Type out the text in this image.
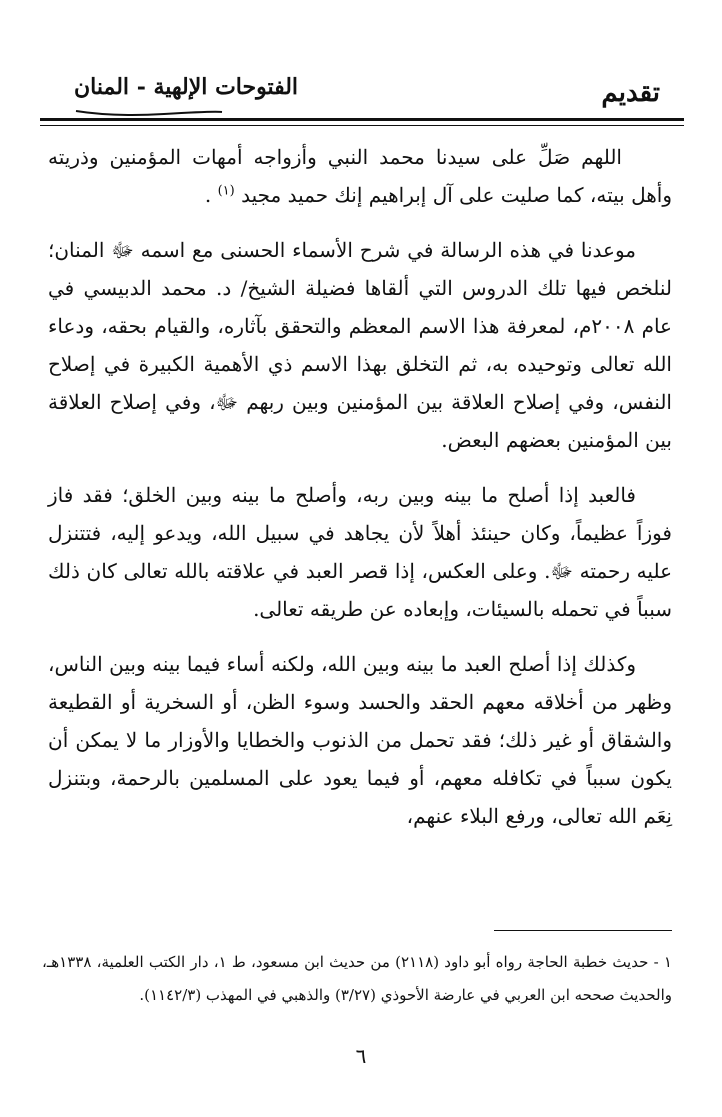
تقديم
الفتوحات الإلهية - المنان

اللهم صَلِّ على سيدنا محمد النبي وأزواجه أمهات المؤمنين وذريته وأهل بيته، كما صليت على آل إبراهيم إنك حميد مجيد $^{(١)}$ .

موعدنا في هذه الرسالة في شرح الأسماء الحسنى مع اسمه ﷻ المنان؛ لنلخص فيها تلك الدروس التي ألقاها فضيلة الشيخ/ د. محمد الدبيسي في عام ٢٠٠٨م، لمعرفة هذا الاسم المعظم والتحقق بآثاره، والقيام بحقه، ودعاء الله تعالى وتوحيده به، ثم التخلق بهذا الاسم ذي الأهمية الكبيرة في إصلاح النفس، وفي إصلاح العلاقة بين المؤمنين وبين ربهم ﷻ، وفي إصلاح العلاقة بين المؤمنين بعضهم البعض.

فالعبد إذا أصلح ما بينه وبين ربه، وأصلح ما بينه وبين الخلق؛ فقد فاز فوزاً عظيماً، وكان حينئذ أهلاً لأن يجاهد في سبيل الله، ويدعو إليه، فتتنزل عليه رحمته ﷻ. وعلى العكس، إذا قصر العبد في علاقته بالله تعالى كان ذلك سبباً في تحمله بالسيئات، وإبعاده عن طريقه تعالى.

وكذلك إذا أصلح العبد ما بينه وبين الله، ولكنه أساء فيما بينه وبين الناس، وظهر من أخلاقه معهم الحقد والحسد وسوء الظن، أو السخرية أو القطيعة والشقاق أو غير ذلك؛ فقد تحمل من الذنوب والخطايا والأوزار ما لا يمكن أن يكون سبباً في تكافله معهم، أو فيما يعود على المسلمين بالرحمة، وبتنزل نِعَم الله تعالى، ورفع البلاء عنهم،

١ - حديث خطبة الحاجة رواه أبو داود (٢١١٨) من حديث ابن مسعود، ط ١، دار الكتب العلمية، ١٣٣٨هـ، والحديث صححه ابن العربي في عارضة الأحوذي (٣/٢٧) والذهبي في المهذب (١١٤٢/٣).

٦
